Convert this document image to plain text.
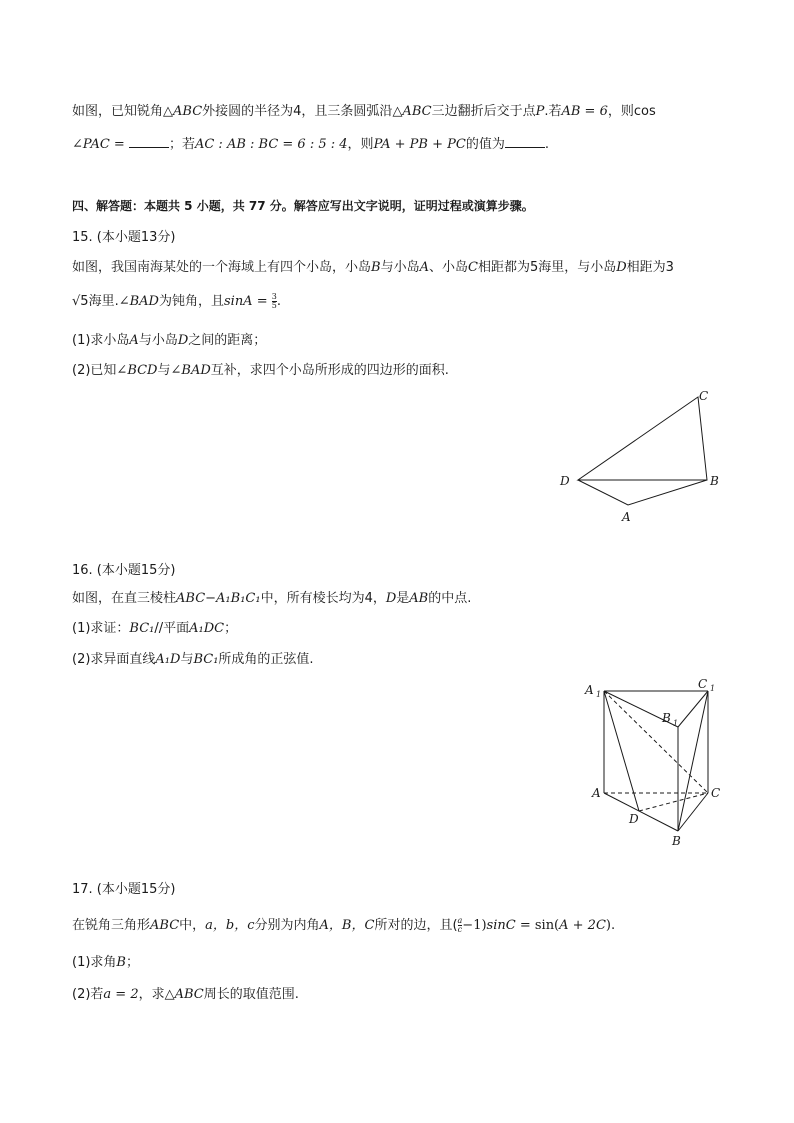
如图，已知锐角△ABC外接圆的半径为4，且三条圆弧沿△ABC三边翻折后交于点P.若AB = 6，则cos
∠PAC =	；若AC : AB : BC = 6 : 5 : 4，则PA + PB + PC的值为	.
四、解答题：本题共 5 小题，共 77 分。解答应写出文字说明，证明过程或演算步骤。
15. (本小题13分)
如图，我国南海某处的一个海域上有四个小岛，小岛B与小岛A、小岛C相距都为5海里，与小岛D相距为3
√5海里.∠BAD为钝角，且$\sin A = \frac{3}{5}$ .
(1)求小岛A与小岛D之间的距离；
(2)已知∠BCD与∠BAD互补，求四个小岛所形成的四边形的面积.
C
D	B
A
16. (本小题15分)
如图，在直三棱柱ABC−A₁B₁C₁中，所有棱长均为4，D是AB的中点.
(1)求证：BC₁//平面A₁DC；
(2)求异面直线A₁D与BC₁所成角的正弦值.
A 1
C 1
B 1
A	C
D
B
17. (本小题15分)
在锐角三角形ABC中，a，b，c分别为内角A，B，C所对的边，且( $\frac{a}{c} -1)\sin C = \sin(A + 2C)$.
(1)求角B；
(2)若a = 2，求△ABC周长的取值范围.
